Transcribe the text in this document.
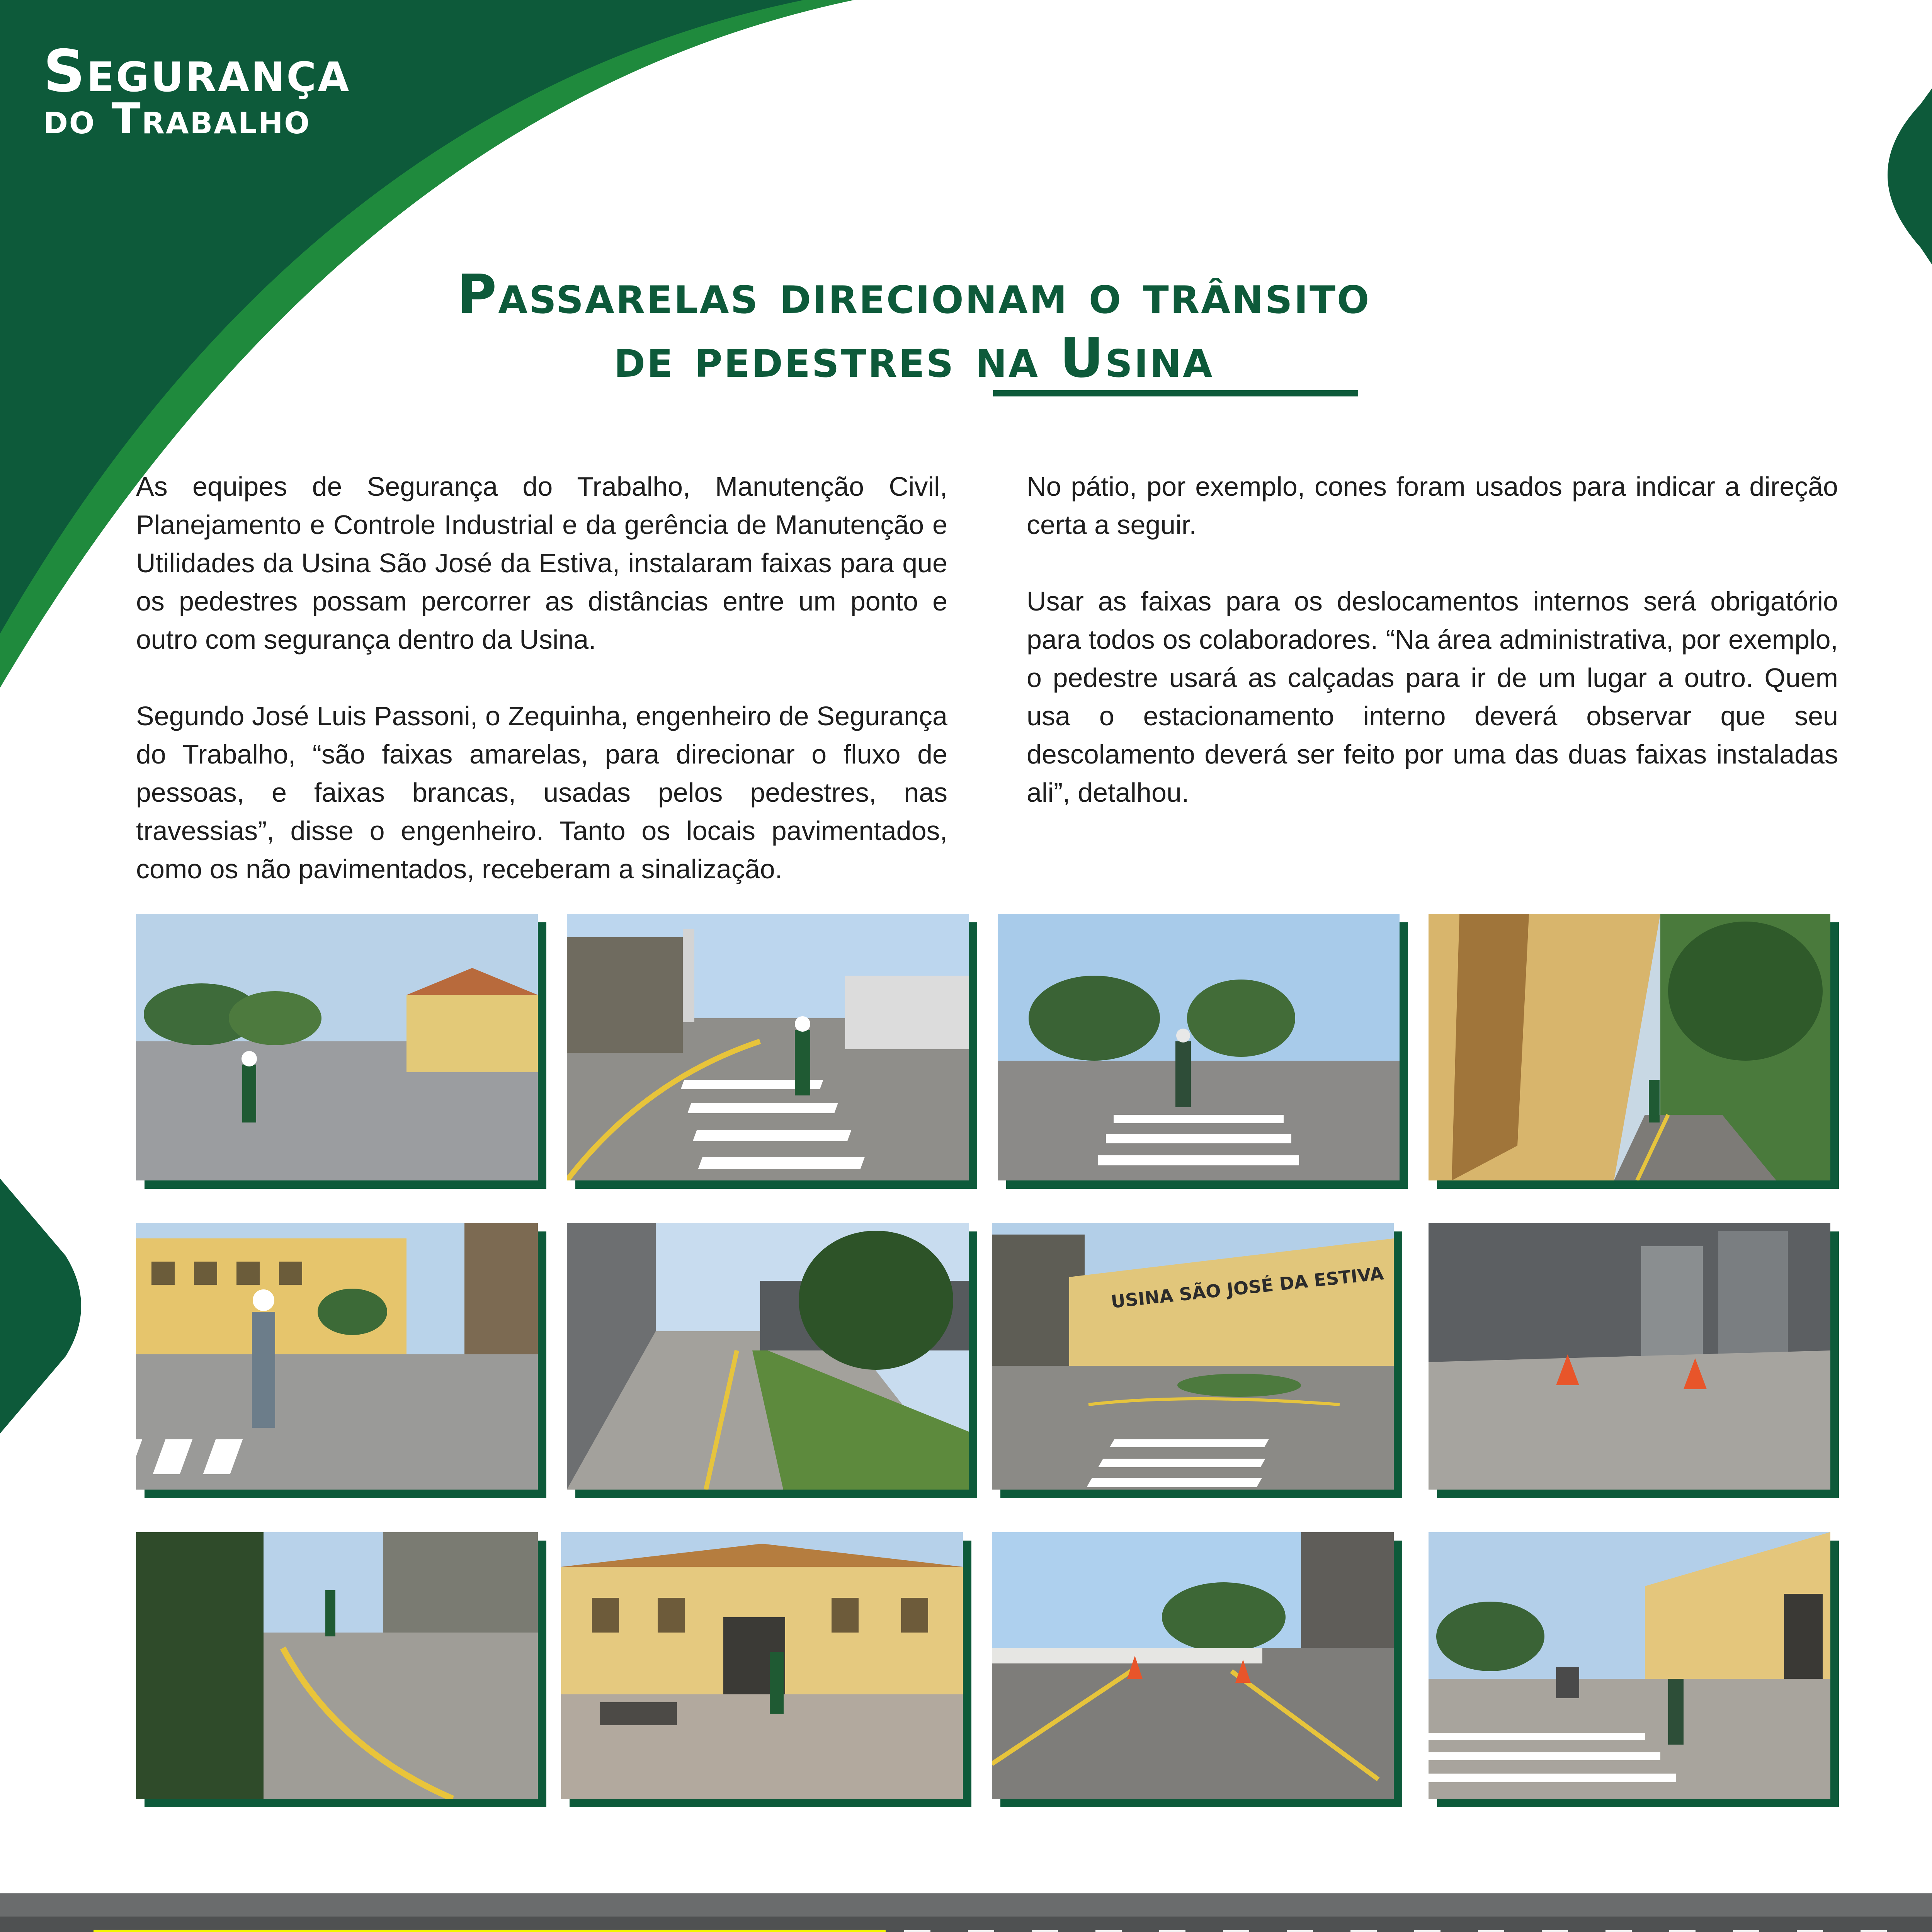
Segurança
do Trabalho
Passarelas direcionam o trânsito
de pedestres na Usina

As equipes de Segurança do Trabalho, Manutenção Civil, Planejamento e Controle Industrial e da gerência de Manutenção e Utilidades da Usina São José da Estiva, instalaram faixas para que os pedestres possam percorrer as distâncias entre um ponto e outro com segurança dentro da Usina.

Segundo José Luis Passoni, o Zequinha, engenheiro de Segurança do Trabalho, “são faixas amarelas, para direcionar o fluxo de pessoas, e faixas brancas, usadas pelos pedestres, nas travessias”, disse o engenheiro. Tanto os locais pavimentados, como os não pavimentados, receberam a sinalização.

No pátio, por exemplo, cones foram usados para indicar a direção certa a seguir.

Usar as faixas para os deslocamentos internos será obrigatório para todos os colaboradores. “Na área administrativa, por exemplo, o pedestre usará as calçadas para ir de um lugar a outro. Quem usa o estacionamento interno deverá observar que seu descolamento deverá ser feito por uma das duas faixas instaladas ali”, detalhou.

USINA SÃO JOSÉ DA ESTIVA
